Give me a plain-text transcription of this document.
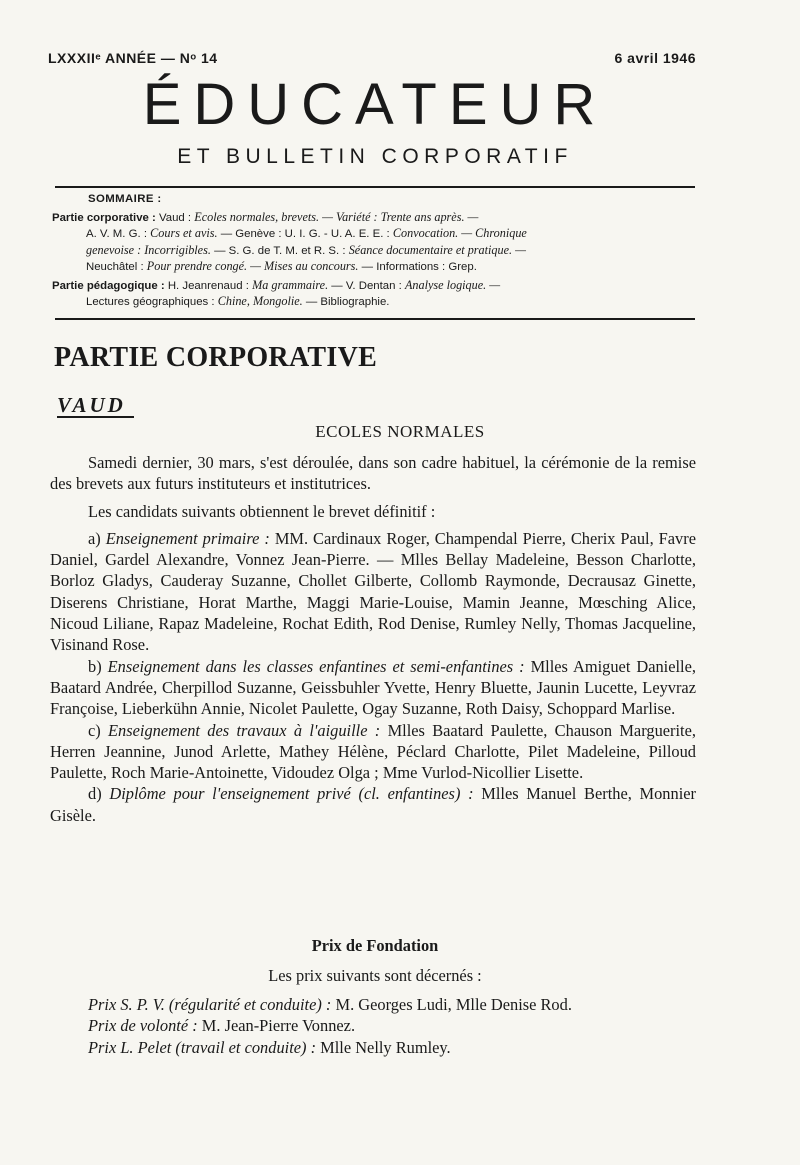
LXXXIIᵉ ANNÉE — Nᵒ 14	6 avril 1946
ÉDUCATEUR
ET BULLETIN CORPORATIF
SOMMAIRE :
Partie corporative : Vaud : Ecoles normales, brevets. — Variété : Trente ans après. —
A. V. M. G. : Cours et avis. — Genève : U. I. G. - U. A. E. E. : Convocation. — Chronique
genevoise : Incorrigibles. — S. G. de T. M. et R. S. : Séance documentaire et pratique. —
Neuchâtel : Pour prendre congé. — Mises au concours. — Informations : Grep.
Partie pédagogique : H. Jeanrenaud : Ma grammaire. — V. Dentan : Analyse logique. —
Lectures géographiques : Chine, Mongolie. — Bibliographie.
PARTIE CORPORATIVE
VAUD
ECOLES NORMALES

Samedi dernier, 30 mars, s'est déroulée, dans son cadre habituel, la cérémonie de la remise des brevets aux futurs instituteurs et institutrices.

Les candidats suivants obtiennent le brevet définitif :

a) Enseignement primaire : MM. Cardinaux Roger, Champendal Pierre, Cherix Paul, Favre Daniel, Gardel Alexandre, Vonnez Jean-Pierre. — Mlles Bellay Madeleine, Besson Charlotte, Borloz Gladys, Cauderay Suzanne, Chollet Gilberte, Collomb Raymonde, Decrausaz Ginette, Diserens Christiane, Horat Marthe, Maggi Marie-Louise, Mamin Jeanne, Mœsching Alice, Nicoud Liliane, Rapaz Madeleine, Rochat Edith, Rod Denise, Rumley Nelly, Thomas Jacqueline, Visinand Rose.

b) Enseignement dans les classes enfantines et semi-enfantines : Mlles Amiguet Danielle, Baatard Andrée, Cherpillod Suzanne, Geissbuhler Yvette, Henry Bluette, Jaunin Lucette, Leyvraz Françoise, Lieberkühn Annie, Nicolet Paulette, Ogay Suzanne, Roth Daisy, Schoppard Marlise.

c) Enseignement des travaux à l'aiguille : Mlles Baatard Paulette, Chauson Marguerite, Herren Jeannine, Junod Arlette, Mathey Hélène, Péclard Charlotte, Pilet Madeleine, Pilloud Paulette, Roch Marie-Antoinette, Vidoudez Olga ; Mme Vurlod-Nicollier Lisette.

d) Diplôme pour l'enseignement privé (cl. enfantines) : Mlles Manuel Berthe, Monnier Gisèle.

Prix de Fondation
Les prix suivants sont décernés :

Prix S. P. V. (régularité et conduite) : M. Georges Ludi, Mlle Denise Rod.

Prix de volonté : M. Jean-Pierre Vonnez.

Prix L. Pelet (travail et conduite) : Mlle Nelly Rumley.
